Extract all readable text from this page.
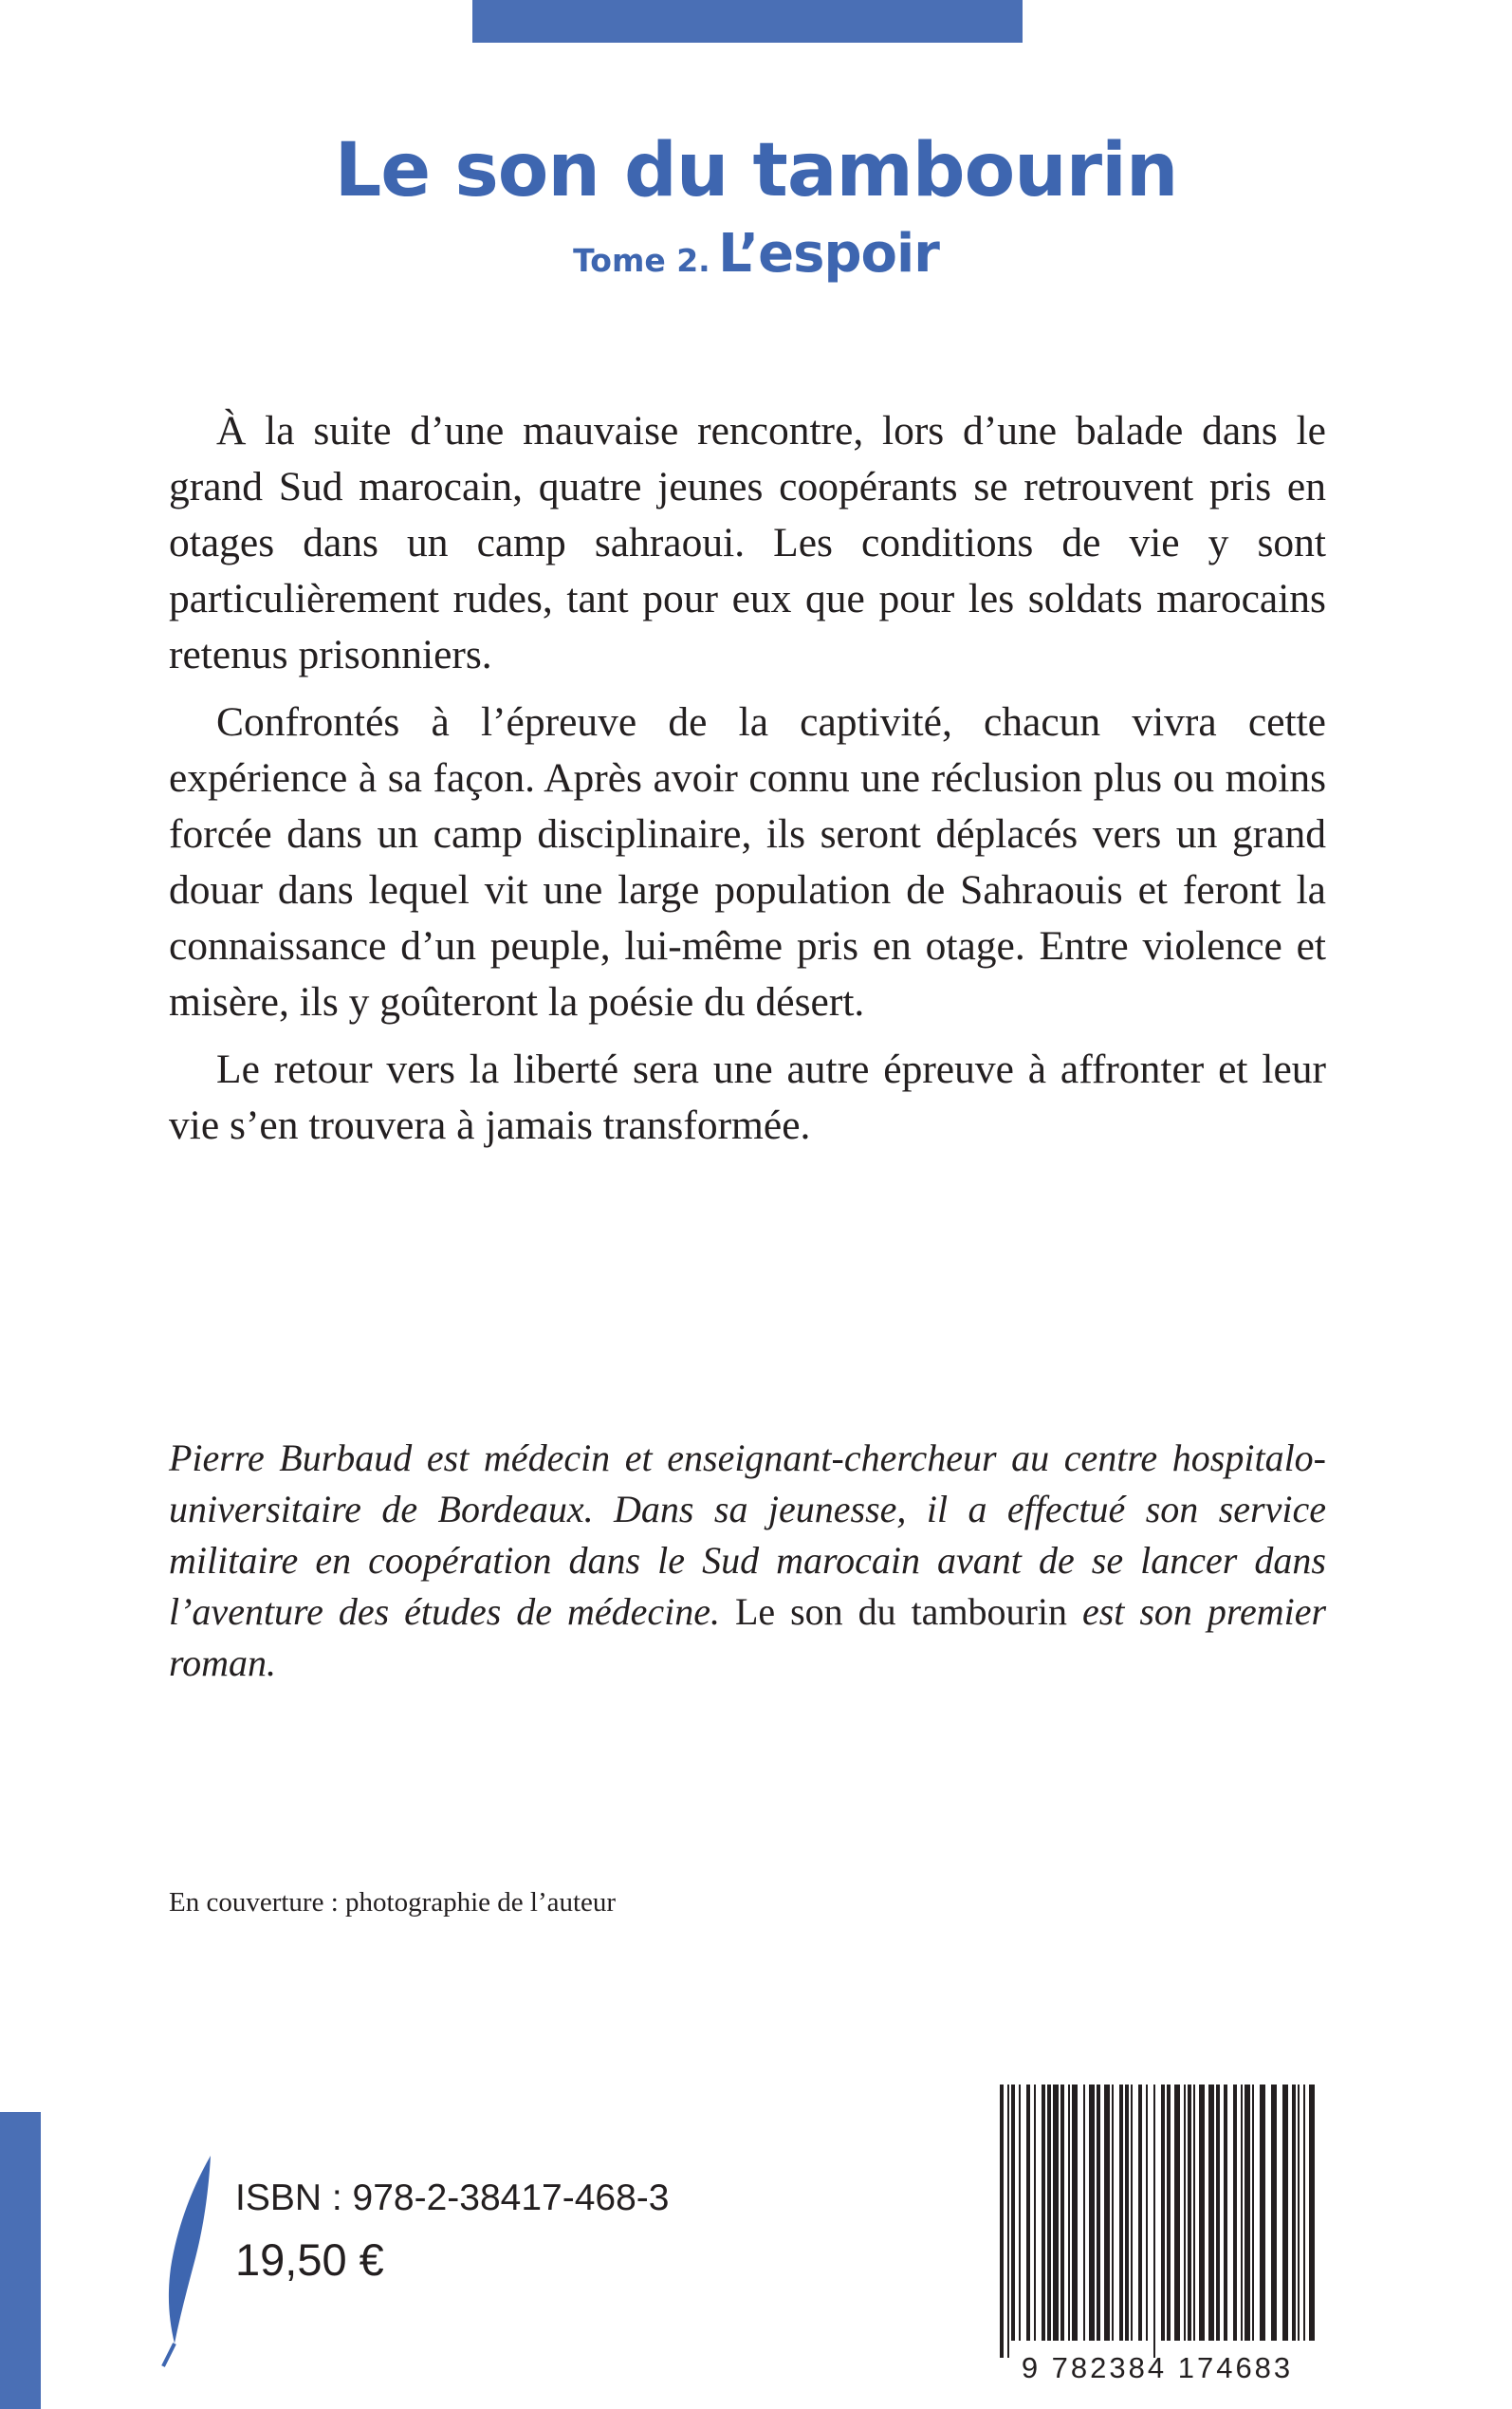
Le son du tambourin
Tome 2. L’espoir

À la suite d’une mauvaise rencontre, lors d’une balade dans le grand Sud marocain, quatre jeunes coopérants se retrouvent pris en otages dans un camp sahraoui. Les conditions de vie y sont particulièrement rudes, tant pour eux que pour les soldats marocains retenus prisonniers.

Confrontés à l’épreuve de la captivité, chacun vivra cette expérience à sa façon. Après avoir connu une réclusion plus ou moins forcée dans un camp disciplinaire, ils seront déplacés vers un grand douar dans lequel vit une large population de Sahraouis et feront la connaissance d’un peuple, lui-même pris en otage. Entre violence et misère, ils y goûteront la poésie du désert.

Le retour vers la liberté sera une autre épreuve à affronter et leur vie s’en trouvera à jamais transformée.

Pierre Burbaud est médecin et enseignant-chercheur au centre hospitalo-universitaire de Bordeaux. Dans sa jeunesse, il a effectué son service militaire en coopération dans le Sud marocain avant de se lancer dans l’aventure des études de médecine. Le son du tambourin est son premier roman.

En couverture : photographie de l’auteur

ISBN : 978-2-38417-468-3

19,50 €

9 782384 174683
